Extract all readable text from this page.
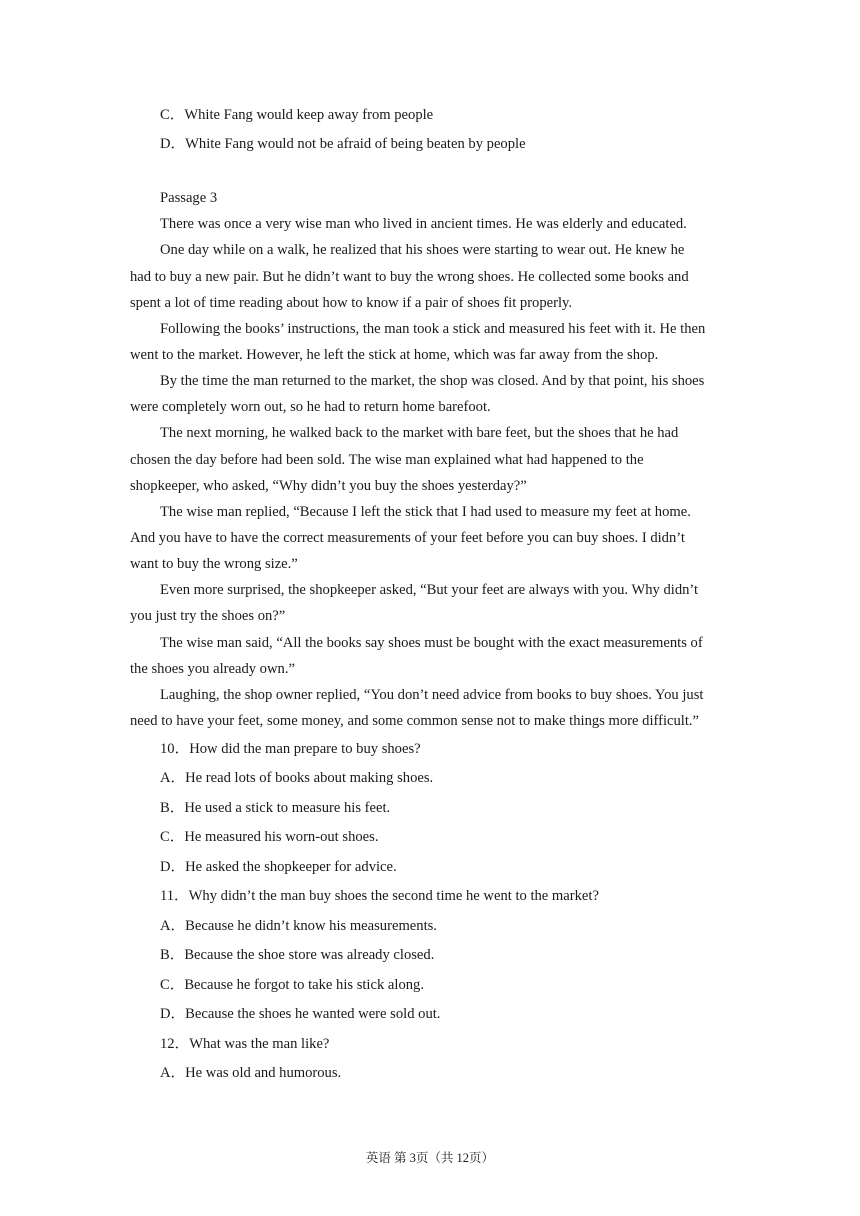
C．White Fang would keep away from people
D．White Fang would not be afraid of being beaten by people
Passage 3
There was once a very wise man who lived in ancient times. He was elderly and educated.
One day while on a walk, he realized that his shoes were starting to wear out. He knew he
had to buy a new pair. But he didn’t want to buy the wrong shoes. He collected some books and
spent a lot of time reading about how to know if a pair of shoes fit properly.
Following the books’ instructions, the man took a stick and measured his feet with it. He then
went to the market. However, he left the stick at home, which was far away from the shop.
By the time the man returned to the market, the shop was closed. And by that point, his shoes
were completely worn out, so he had to return home barefoot.
The next morning, he walked back to the market with bare feet, but the shoes that he had
chosen the day before had been sold. The wise man explained what had happened to the
shopkeeper, who asked, “Why didn’t you buy the shoes yesterday?”
The wise man replied, “Because I left the stick that I had used to measure my feet at home.
And you have to have the correct measurements of your feet before you can buy shoes. I didn’t
want to buy the wrong size.”
Even more surprised, the shopkeeper asked, “But your feet are always with you. Why didn’t
you just try the shoes on?”
The wise man said, “All the books say shoes must be bought with the exact measurements of
the shoes you already own.”
Laughing, the shop owner replied, “You don’t need advice from books to buy shoes. You just
need to have your feet, some money, and some common sense not to make things more difficult.”
10．How did the man prepare to buy shoes?
A．He read lots of books about making shoes.
B．He used a stick to measure his feet.
C．He measured his worn-out shoes.
D．He asked the shopkeeper for advice.
11．Why didn’t the man buy shoes the second time he went to the market?
A．Because he didn’t know his measurements.
B．Because the shoe store was already closed.
C．Because he forgot to take his stick along.
D．Because the shoes he wanted were sold out.
12．What was the man like?
A．He was old and humorous.
英语 第 3页（共 12页）
